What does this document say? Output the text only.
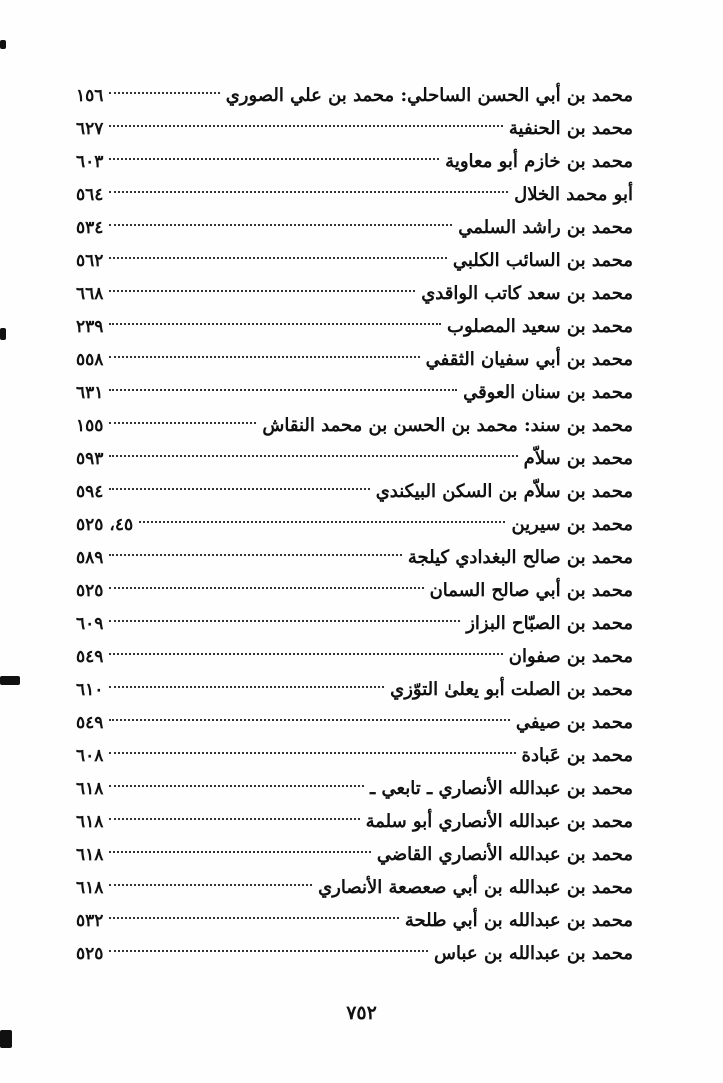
محمد بن أبي الحسن الساحلي: محمد بن علي الصوري
١٥٦
محمد بن الحنفية
٦٢٧
محمد بن خازم أبو معاوية
٦٠٣
أبو محمد الخلال
٥٦٤
محمد بن راشد السلمي
٥٣٤
محمد بن السائب الكلبي
٥٦٢
محمد بن سعد كاتب الواقدي
٦٦٨
محمد بن سعيد المصلوب
٢٣٩
محمد بن أبي سفيان الثقفي
٥٥٨
محمد بن سنان العوقي
٦٣١
محمد بن سند: محمد بن الحسن بن محمد النقاش
١٥٥
محمد بن سلاّم
٥٩٣
محمد بن سلاّم بن السكن البيكندي
٥٩٤
محمد بن سيرين
٤٥، ٥٢٥
محمد بن صالح البغدادي كيلجة
٥٨٩
محمد بن أبي صالح السمان
٥٢٥
محمد بن الصبّاح البزاز
٦٠٩
محمد بن صفوان
٥٤٩
محمد بن الصلت أبو يعلىٰ التوّزي
٦١٠
محمد بن صيفي
٥٤٩
محمد بن عَبادة
٦٠٨
محمد بن عبدالله الأنصاري ـ تابعي ـ
٦١٨
محمد بن عبدالله الأنصاري أبو سلمة
٦١٨
محمد بن عبدالله الأنصاري القاضي
٦١٨
محمد بن عبدالله بن أبي صعصعة الأنصاري
٦١٨
محمد بن عبدالله بن أبي طلحة
٥٣٢
محمد بن عبدالله بن عباس
٥٢٥
٧٥٢
